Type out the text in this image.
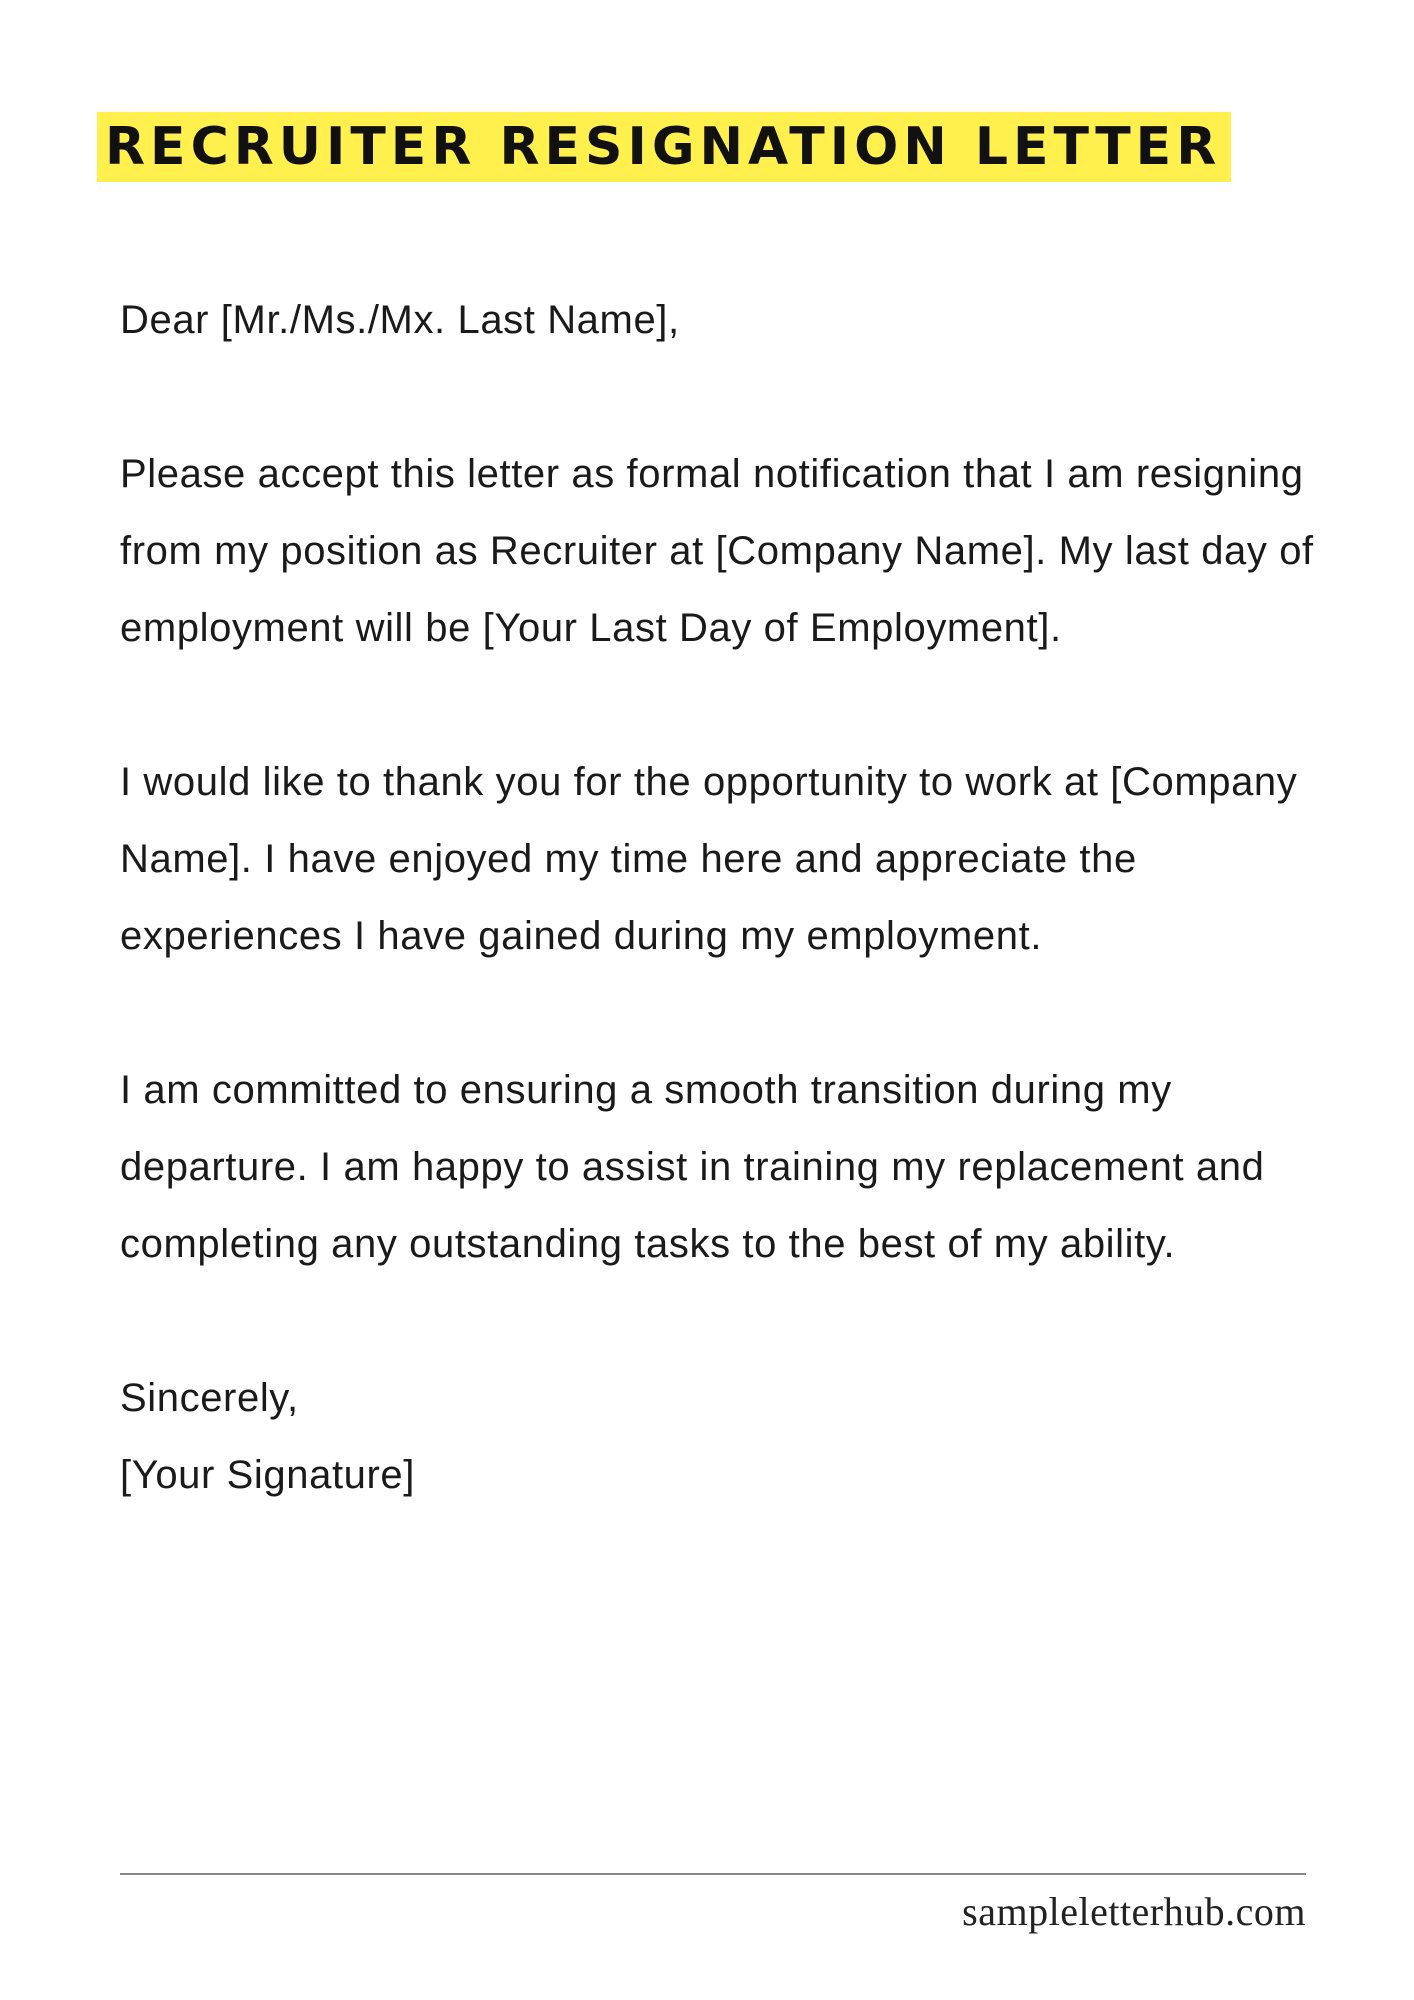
RECRUITER RESIGNATION LETTER

Dear [Mr./Ms./Mx. Last Name],

Please accept this letter as formal notification that I am resigning from my position as Recruiter at [Company Name]. My last day of employment will be [Your Last Day of Employment].

I would like to thank you for the opportunity to work at [Company Name]. I have enjoyed my time here and appreciate the experiences I have gained during my employment.

I am committed to ensuring a smooth transition during my departure. I am happy to assist in training my replacement and completing any outstanding tasks to the best of my ability.

Sincerely,

[Your Signature]

sampleletterhub.com
